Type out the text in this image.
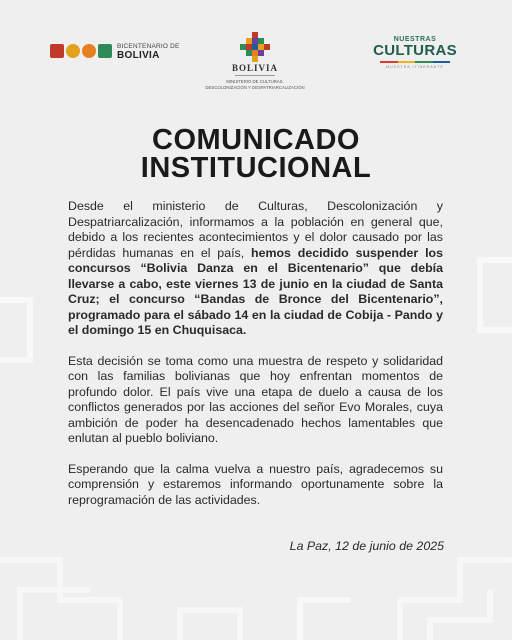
BICENTENARIO DE
BOLIVIA
BOLIVIA
MINISTERIO DE CULTURAS,
DESCOLONIZACIÓN Y DESPATRIARCALIZACIÓN
NUESTRAS
CULTURAS
MUESTRA ITINERANTE
COMUNICADO
INSTITUCIONAL

Desde el ministerio de Culturas, Descolonización y Despatriarcalización, informamos a la población en general que, debido a los recientes acontecimientos y el dolor causado por las pérdidas humanas en el país, hemos decidido suspender los concursos “Bolivia Danza en el Bicentenario” que debía llevarse a cabo, este viernes 13 de junio en la ciudad de Santa Cruz; el concurso “Bandas de Bronce del Bicentenario”, programado para el sábado 14 en la ciudad de Cobija - Pando y el domingo 15 en Chuquisaca.

Esta decisión se toma como una muestra de respeto y solidaridad con las familias bolivianas que hoy enfrentan momentos de profundo dolor. El país vive una etapa de duelo a causa de los conflictos generados por las acciones del señor Evo Morales, cuya ambición de poder ha desencadenado hechos lamentables que enlutan al pueblo boliviano.

Esperando que la calma vuelva a nuestro país, agradecemos su comprensión y estaremos informando oportunamente sobre la reprogramación de las actividades.

La Paz, 12 de junio de 2025
